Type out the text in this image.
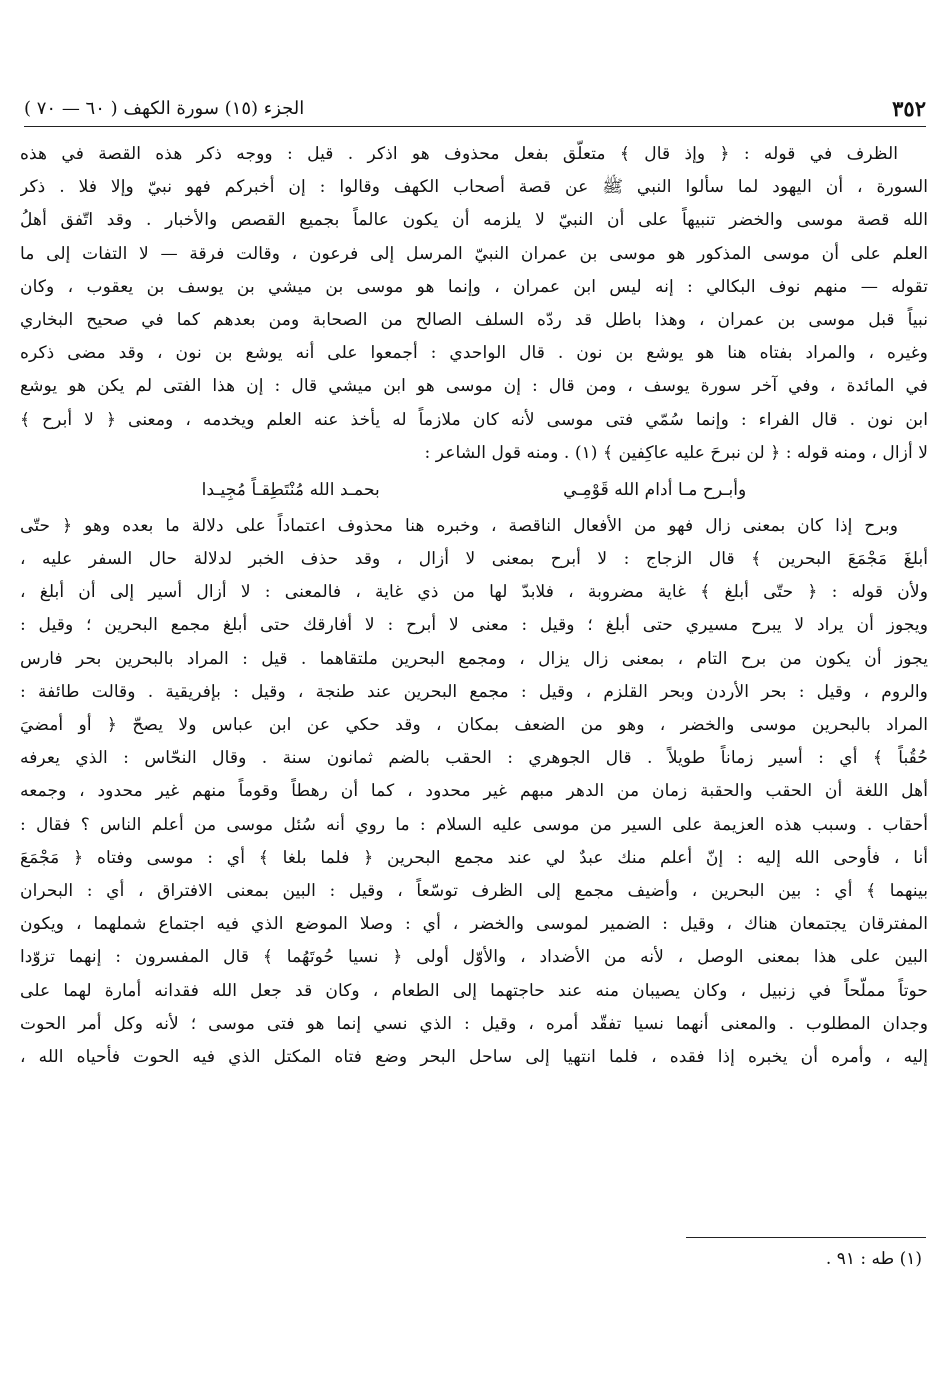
٣٥٢
الجزء (١٥) سورة الكهف ( ٦٠ — ٧٠ )
الظرف في قوله : ﴿ وإذ قال ﴾ متعلّق بفعل محذوف هو اذكر . قيل : ووجه ذكر هذه القصة في هذه
السورة ، أن اليهود لما سألوا النبي ﷺ عن قصة أصحاب الكهف وقالوا : إن أخبركم فهو نبيّ وإلا فلا . ذكر
الله قصة موسى والخضر تنبيهاً على أن النبيّ لا يلزمه أن يكون عالماً بجميع القصص والأخبار . وقد اتّفق أهلُ
العلم على أن موسى المذكور هو موسى بن عمران النبيّ المرسل إلى فرعون ، وقالت فرقة — لا التفات إلى ما
تقوله — منهم نوف البكالي : إنه ليس ابن عمران ، وإنما هو موسى بن ميشي بن يوسف بن يعقوب ، وكان
نبياً قبل موسى بن عمران ، وهذا باطل قد ردّه السلف الصالح من الصحابة ومن بعدهم كما في صحيح البخاري
وغيره ، والمراد بفتاه هنا هو يوشع بن نون . قال الواحدي : أجمعوا على أنه يوشع بن نون ، وقد مضى ذكره
في المائدة ، وفي آخر سورة يوسف ، ومن قال : إن موسى هو ابن ميشي قال : إن هذا الفتى لم يكن هو يوشع
ابن نون . قال الفراء : وإنما سُمّي فتى موسى لأنه كان ملازماً له يأخذ عنه العلم ويخدمه ، ومعنى ﴿ لا أبرح ﴾
لا أزال ، ومنه قوله : ﴿ لن نبرحَ عليه عاكِفين ﴾ (١) . ومنه قول الشاعر :
وأبـرح مـا أدام الله قَوْمِـي
بحمـد الله مُنْتَطِقـاً مُجِيـدا
وبرح إذا كان بمعنى زال فهو من الأفعال الناقصة ، وخبره هنا محذوف اعتماداً على دلالة ما بعده وهو ﴿ حتّى
أبلغَ مَجْمَعَ البحرين ﴾ قال الزجاج : لا أبرح بمعنى لا أزال ، وقد حذف الخبر لدلالة حال السفر عليه ،
ولأن قوله : ﴿ حتّى أبلغ ﴾ غاية مضروبة ، فلابدّ لها من ذي غاية ، فالمعنى : لا أزال أسير إلى أن أبلغ ،
ويجوز أن يراد لا يبرح مسيري حتى أبلغ ؛ وقيل : معنى لا أبرح : لا أفارقك حتى أبلغ مجمع البحرين ؛ وقيل :
يجوز أن يكون من برح التام ، بمعنى زال يزال ، ومجمع البحرين ملتقاهما . قيل : المراد بالبحرين بحر فارس
والروم ، وقيل : بحر الأردن وبحر القلزم ، وقيل : مجمع البحرين عند طنجة ، وقيل : بإفريقية . وقالت طائفة :
المراد بالبحرين موسى والخضر ، وهو من الضعف بمكان ، وقد حكي عن ابن عباس ولا يصحّ ﴿ أو أمضيَ
حُقُباً ﴾ أي : أسير زماناً طويلاً . قال الجوهري : الحقب بالضم ثمانون سنة . وقال النحّاس : الذي يعرفه
أهل اللغة أن الحقب والحقبة زمان من الدهر مبهم غير محدود ، كما أن رهطاً وقوماً منهم غير محدود ، وجمعه
أحقاب . وسبب هذه العزيمة على السير من موسى عليه السلام : ما روي أنه سُئل موسى من أعلم الناس ؟ فقال :
أنا ، فأوحى الله إليه : إنّ أعلم منك عبدٌ لي عند مجمع البحرين ﴿ فلما بلغا ﴾ أي : موسى وفتاه ﴿ مَجْمَعَ
بينهما ﴾ أي : بين البحرين ، وأضيف مجمع إلى الظرف توسّعاً ، وقيل : البين بمعنى الافتراق ، أي : البحران
المفترقان يجتمعان هناك ، وقيل : الضمير لموسى والخضر ، أي : وصلا الموضع الذي فيه اجتماع شملهما ، ويكون
البين على هذا بمعنى الوصل ، لأنه من الأضداد ، والأوّل أولى ﴿ نسيا حُوتَهُما ﴾ قال المفسرون : إنهما تزوّدا
حوتاً مملّحاً في زنبيل ، وكان يصيبان منه عند حاجتهما إلى الطعام ، وكان قد جعل الله فقدانه أمارة لهما على
وجدان المطلوب . والمعنى أنهما نسيا تفقّد أمره ، وقيل : الذي نسي إنما هو فتى موسى ؛ لأنه وكل أمر الحوت
إليه ، وأمره أن يخبره إذا فقده ، فلما انتهيا إلى ساحل البحر وضع فتاه المكتل الذي فيه الحوت فأحياه الله ،
(١) طه : ٩١ .
